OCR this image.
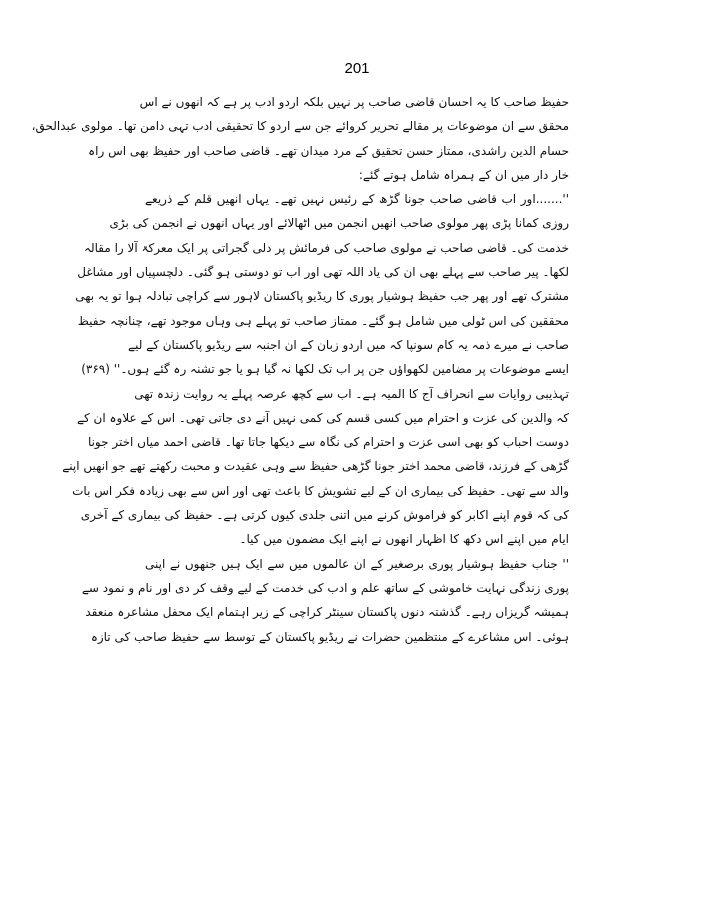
201
حفیظ صاحب کا یہ احسان قاضی صاحب پر نہیں بلکہ اردو ادب پر ہے کہ انھوں نے اس
محقق سے ان موضوعات پر مقالے تحریر کروائے جن سے اردو کا تحقیقی ادب تہی دامن تھا۔ مولوی عبدالحق،
حسام الدین راشدی، ممتاز حسن تحقیق کے مرد میدان تھے۔ قاضی صاحب اور حفیظ بھی اس راہ
خار دار میں ان کے ہمراہ شامل ہوتے گئے:
''.......اور اب قاضی صاحب جونا گڑھ کے رئیس نہیں تھے۔ یہاں انھیں قلم کے ذریعے
روزی کمانا پڑی پھر مولوی صاحب انھیں انجمن میں اٹھالائے اور یہاں انھوں نے انجمن کی بڑی
خدمت کی۔ قاضی صاحب نے مولوی صاحب کی فرمائش پر دلی گجراتی پر ایک معرکۃ آلا را مقالہ
لکھا۔ پیر صاحب سے پہلے بھی ان کی یاد اللہ تھی اور اب تو دوستی ہو گئی۔ دلچسپیاں اور مشاغل
مشترک تھے اور پھر جب حفیظ ہوشیار پوری کا ریڈیو پاکستان لاہور سے کراچی تبادلہ ہوا تو یہ بھی
محققین کی اس ٹولی میں شامل ہو گئے۔ ممتاز صاحب تو پہلے ہی وہاں موجود تھے، چنانچہ حفیظ
صاحب نے میرے ذمہ یہ کام سونپا کہ میں اردو زبان کے ان اجنبہ سے ریڈیو پاکستان کے لیے
ایسے موضوعات پر مضامین لکھواؤں جن پر اب تک لکھا نہ گیا ہو یا جو تشنہ رہ گئے ہوں۔'' (۳۶۹)
تہذیبی روایات سے انحراف آج کا المیہ ہے۔ اب سے کچھ عرصہ پہلے یہ روایت زندہ تھی
کہ والدین کی عزت و احترام میں کسی قسم کی کمی نہیں آنے دی جاتی تھی۔ اس کے علاوہ ان کے
دوست احباب کو بھی اسی عزت و احترام کی نگاہ سے دیکھا جاتا تھا۔ قاضی احمد میاں اختر جونا
گڑھی کے فرزند، قاضی محمد اختر جونا گڑھی حفیظ سے وہی عقیدت و محبت رکھتے تھے جو انھیں اپنے
والد سے تھی۔ حفیظ کی بیماری ان کے لیے تشویش کا باعث تھی اور اس سے بھی زیادہ فکر اس بات
کی کہ قوم اپنے اکابر کو فراموش کرنے میں اتنی جلدی کیوں کرتی ہے۔ حفیظ کی بیماری کے آخری
ایام میں اپنے اس دکھ کا اظہار انھوں نے اپنے ایک مضمون میں کیا۔
'' جناب حفیظ ہوشیار پوری برصغیر کے ان عالموں میں سے ایک ہیں جنھوں نے اپنی
پوری زندگی نہایت خاموشی کے ساتھ علم و ادب کی خدمت کے لیے وقف کر دی اور نام و نمود سے
ہمیشہ گریزاں رہے۔ گذشتہ دنوں پاکستان سینٹر کراچی کے زیر اہتمام ایک محفل مشاعرہ منعقد
ہوئی۔ اس مشاعرے کے منتظمین حضرات نے ریڈیو پاکستان کے توسط سے حفیظ صاحب کی تازہ
